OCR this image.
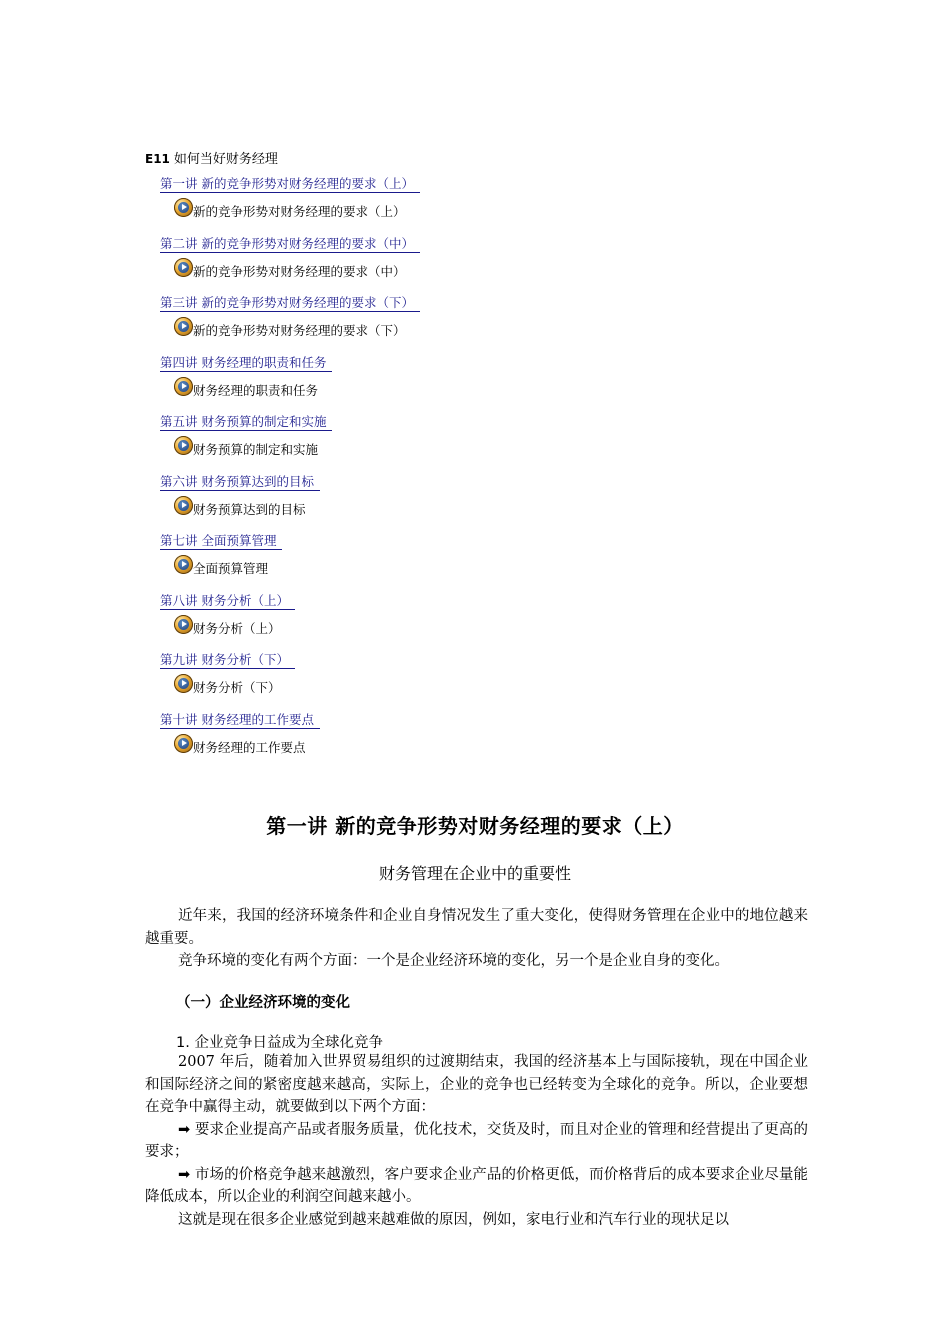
E11 如何当好财务经理
第一讲 新的竞争形势对财务经理的要求（上）
新的竞争形势对财务经理的要求（上）
第二讲 新的竞争形势对财务经理的要求（中）
新的竞争形势对财务经理的要求（中）
第三讲 新的竞争形势对财务经理的要求（下）
新的竞争形势对财务经理的要求（下）
第四讲 财务经理的职责和任务
财务经理的职责和任务
第五讲 财务预算的制定和实施
财务预算的制定和实施
第六讲 财务预算达到的目标
财务预算达到的目标
第七讲 全面预算管理
全面预算管理
第八讲 财务分析（上）
财务分析（上）
第九讲 财务分析（下）
财务分析（下）
第十讲 财务经理的工作要点
财务经理的工作要点
第一讲 新的竞争形势对财务经理的要求（上）
财务管理在企业中的重要性

近年来，我国的经济环境条件和企业自身情况发生了重大变化，使得财务管理在企业中的地位越来越重要。

竞争环境的变化有两个方面：一个是企业经济环境的变化，另一个是企业自身的变化。

（一）企业经济环境的变化
1. 企业竞争日益成为全球化竞争

2007 年后，随着加入世界贸易组织的过渡期结束，我国的经济基本上与国际接轨，现在中国企业和国际经济之间的紧密度越来越高，实际上，企业的竞争也已经转变为全球化的竞争。所以，企业要想在竞争中赢得主动，就要做到以下两个方面：

➡ 要求企业提高产品或者服务质量，优化技术，交货及时，而且对企业的管理和经营提出了更高的要求；

➡ 市场的价格竞争越来越激烈，客户要求企业产品的价格更低，而价格背后的成本要求企业尽量能降低成本，所以企业的利润空间越来越小。

这就是现在很多企业感觉到越来越难做的原因，例如，家电行业和汽车行业的现状足以
